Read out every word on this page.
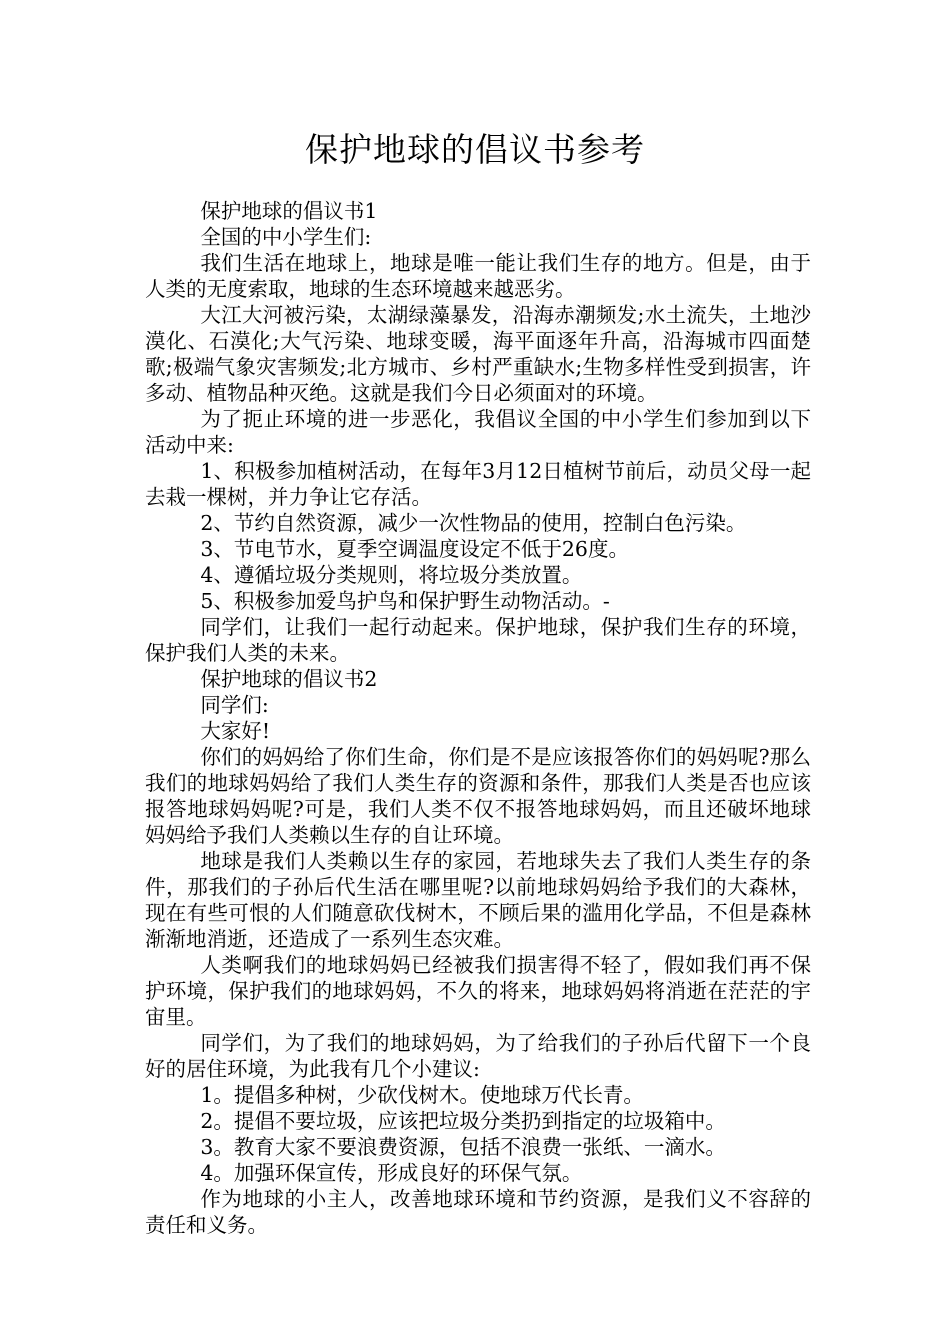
保护地球的倡议书参考

保护地球的倡议书1

全国的中小学生们:

我们生活在地球上，地球是唯一能让我们生存的地方。但是，由于人类的无度索取，地球的生态环境越来越恶劣。

大江大河被污染，太湖绿藻暴发，沿海赤潮频发;水土流失，土地沙漠化、石漠化;大气污染、地球变暖，海平面逐年升高，沿海城市四面楚歌;极端气象灾害频发;北方城市、乡村严重缺水;生物多样性受到损害，许多动、植物品种灭绝。这就是我们今日必须面对的环境。

为了扼止环境的进一步恶化，我倡议全国的中小学生们参加到以下活动中来:

1、积极参加植树活动，在每年3月12日植树节前后，动员父母一起去栽一棵树，并力争让它存活。

2、节约自然资源，减少一次性物品的使用，控制白色污染。

3、节电节水，夏季空调温度设定不低于26度。

4、遵循垃圾分类规则，将垃圾分类放置。

5、积极参加爱鸟护鸟和保护野生动物活动。-

同学们，让我们一起行动起来。保护地球，保护我们生存的环境，保护我们人类的未来。

保护地球的倡议书2

同学们:

大家好!

你们的妈妈给了你们生命，你们是不是应该报答你们的妈妈呢?那么我们的地球妈妈给了我们人类生存的资源和条件，那我们人类是否也应该报答地球妈妈呢?可是，我们人类不仅不报答地球妈妈，而且还破坏地球妈妈给予我们人类赖以生存的自让环境。

地球是我们人类赖以生存的家园，若地球失去了我们人类生存的条件，那我们的子孙后代生活在哪里呢?以前地球妈妈给予我们的大森林，现在有些可恨的人们随意砍伐树木，不顾后果的滥用化学品，不但是森林渐渐地消逝，还造成了一系列生态灾难。

人类啊我们的地球妈妈已经被我们损害得不轻了，假如我们再不保护环境，保护我们的地球妈妈，不久的将来，地球妈妈将消逝在茫茫的宇宙里。

同学们，为了我们的地球妈妈，为了给我们的子孙后代留下一个良好的居住环境，为此我有几个小建议:

1。提倡多种树，少砍伐树木。使地球万代长青。

2。提倡不要垃圾，应该把垃圾分类扔到指定的垃圾箱中。

3。教育大家不要浪费资源，包括不浪费一张纸、一滴水。

4。加强环保宣传，形成良好的环保气氛。

作为地球的小主人，改善地球环境和节约资源，是我们义不容辞的责任和义务。
